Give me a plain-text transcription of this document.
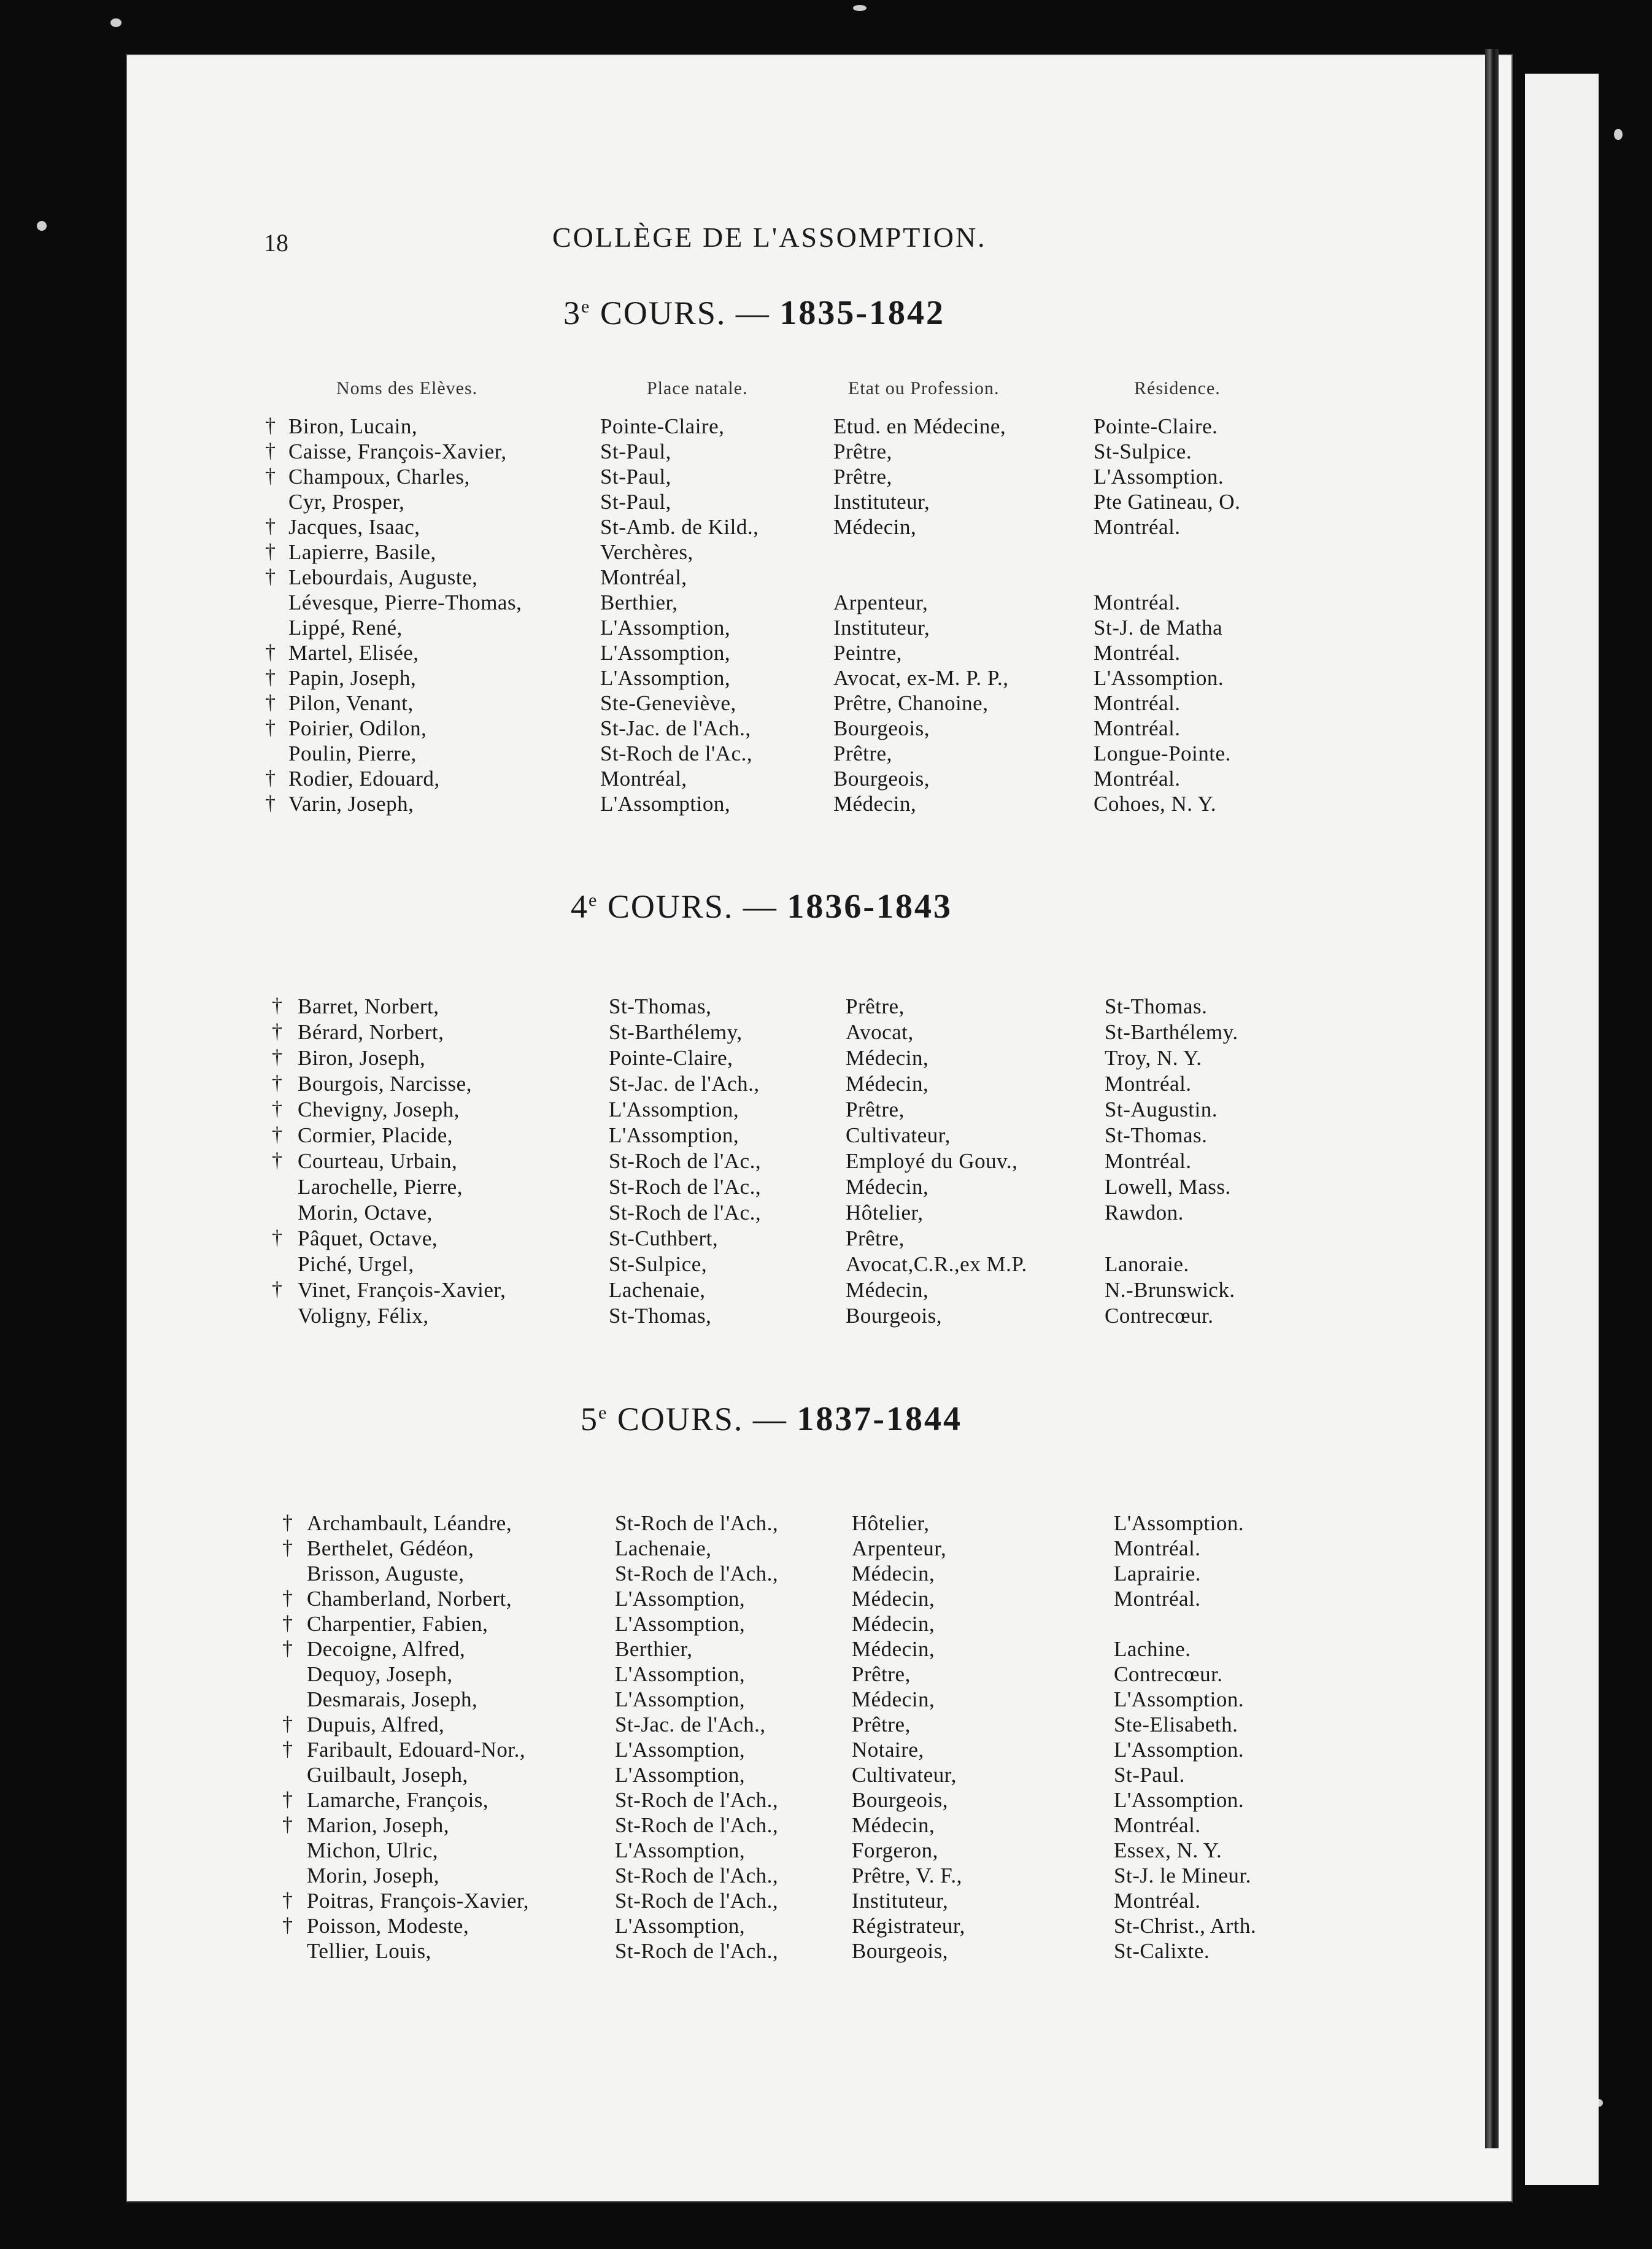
18	COLLÈGE DE L'ASSOMPTION.
Noms des Elèves.	Place natale.	Etat ou Profession.	Résidence.
3e COURS. — 1835-1842
† Biron, Lucain,	Pointe-Claire,	Etud. en Médecine,	Pointe-Claire.
† Caisse, François-Xavier,	St-Paul,	Prêtre,	St-Sulpice.
† Champoux, Charles,	St-Paul,	Prêtre,	L'Assomption.
Cyr, Prosper,	St-Paul,	Instituteur,	Pte Gatineau, O.
† Jacques, Isaac,	St-Amb. de Kild.,	Médecin,	Montréal.
† Lapierre, Basile,	Verchères,
† Lebourdais, Auguste,	Montréal,
Lévesque, Pierre-Thomas,	Berthier,	Arpenteur,	Montréal.
Lippé, René,	L'Assomption,	Instituteur,	St-J. de Matha
† Martel, Elisée,	L'Assomption,	Peintre,	Montréal.
† Papin, Joseph,	L'Assomption,	Avocat, ex-M. P. P.,	L'Assomption.
† Pilon, Venant,	Ste-Geneviève,	Prêtre, Chanoine,	Montréal.
† Poirier, Odilon,	St-Jac. de l'Ach.,	Bourgeois,	Montréal.
Poulin, Pierre,	St-Roch de l'Ac.,	Prêtre,	Longue-Pointe.
† Rodier, Edouard,	Montréal,	Bourgeois,	Montréal.
† Varin, Joseph,	L'Assomption,	Médecin,	Cohoes, N. Y.
4e COURS. — 1836-1843
† Barret, Norbert,	St-Thomas,	Prêtre,	St-Thomas.
† Bérard, Norbert,	St-Barthélemy,	Avocat,	St-Barthélemy.
† Biron, Joseph,	Pointe-Claire,	Médecin,	Troy, N. Y.
† Bourgois, Narcisse,	St-Jac. de l'Ach.,	Médecin,	Montréal.
† Chevigny, Joseph,	L'Assomption,	Prêtre,	St-Augustin.
† Cormier, Placide,	L'Assomption,	Cultivateur,	St-Thomas.
† Courteau, Urbain,	St-Roch de l'Ac.,	Employé du Gouv.,	Montréal.
Larochelle, Pierre,	St-Roch de l'Ac.,	Médecin,	Lowell, Mass.
Morin, Octave,	St-Roch de l'Ac.,	Hôtelier,	Rawdon.
† Pâquet, Octave,	St-Cuthbert,	Prêtre,
Piché, Urgel,	St-Sulpice,	Avocat,C.R.,ex M.P.	Lanoraie.
† Vinet, François-Xavier,	Lachenaie,	Médecin,	N.-Brunswick.
Voligny, Félix,	St-Thomas,	Bourgeois,	Contrecœur.
5e COURS. — 1837-1844
† Archambault, Léandre,	St-Roch de l'Ach.,	Hôtelier,	L'Assomption.
† Berthelet, Gédéon,	Lachenaie,	Arpenteur,	Montréal.
Brisson, Auguste,	St-Roch de l'Ach.,	Médecin,	Laprairie.
† Chamberland, Norbert,	L'Assomption,	Médecin,	Montréal.
† Charpentier, Fabien,	L'Assomption,	Médecin,
† Decoigne, Alfred,	Berthier,	Médecin,	Lachine.
Dequoy, Joseph,	L'Assomption,	Prêtre,	Contrecœur.
Desmarais, Joseph,	L'Assomption,	Médecin,	L'Assomption.
† Dupuis, Alfred,	St-Jac. de l'Ach.,	Prêtre,	Ste-Elisabeth.
† Faribault, Edouard-Nor.,	L'Assomption,	Notaire,	L'Assomption.
Guilbault, Joseph,	L'Assomption,	Cultivateur,	St-Paul.
† Lamarche, François,	St-Roch de l'Ach.,	Bourgeois,	L'Assomption.
† Marion, Joseph,	St-Roch de l'Ach.,	Médecin,	Montréal.
Michon, Ulric,	L'Assomption,	Forgeron,	Essex, N. Y.
Morin, Joseph,	St-Roch de l'Ach.,	Prêtre, V. F.,	St-J. le Mineur.
† Poitras, François-Xavier,	St-Roch de l'Ach.,	Instituteur,	Montréal.
† Poisson, Modeste,	L'Assomption,	Régistrateur,	St-Christ., Arth.
Tellier, Louis,	St-Roch de l'Ach.,	Bourgeois,	St-Calixte.
